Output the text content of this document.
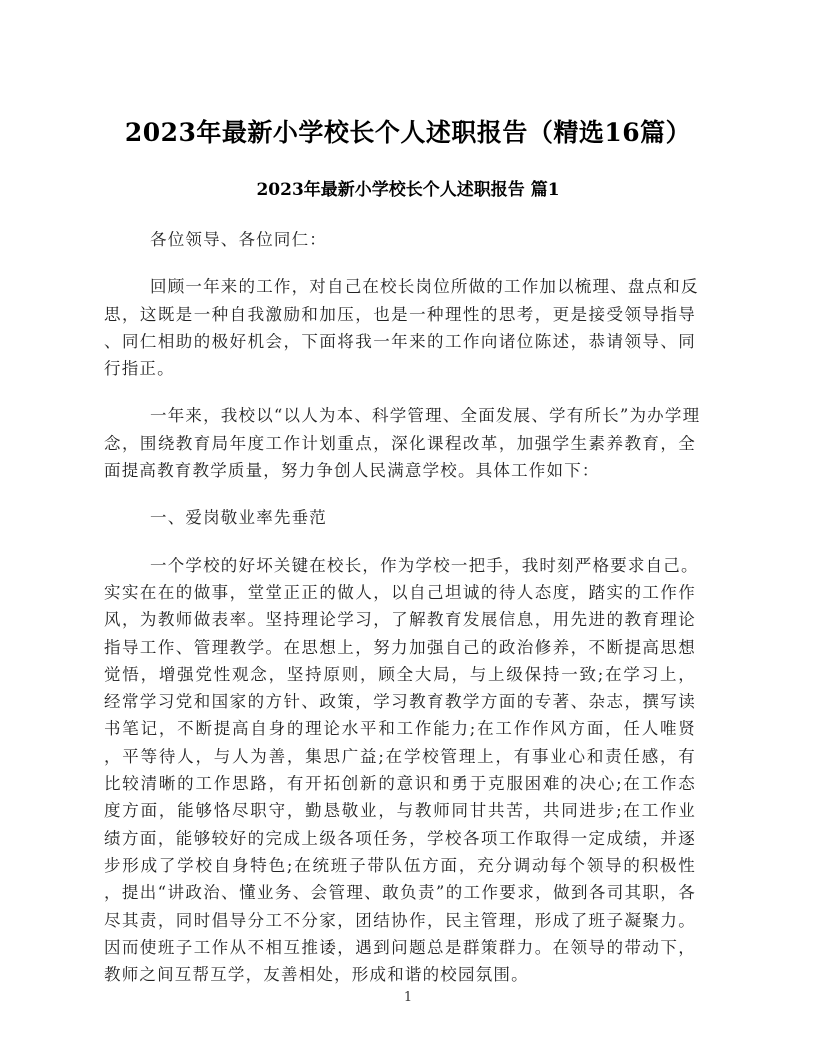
2023年最新小学校长个人述职报告（精选16篇）
2023年最新小学校长个人述职报告 篇1
各位领导、各位同仁：
回顾一年来的工作，对自己在校长岗位所做的工作加以梳理、盘点和反
思，这既是一种自我激励和加压，也是一种理性的思考，更是接受领导指导
、同仁相助的极好机会，下面将我一年来的工作向诸位陈述，恭请领导、同
行指正。
一年来，我校以“以人为本、科学管理、全面发展、学有所长”为办学理
念，围绕教育局年度工作计划重点，深化课程改革，加强学生素养教育，全
面提高教育教学质量，努力争创人民满意学校。具体工作如下：
一、爱岗敬业率先垂范
一个学校的好坏关键在校长，作为学校一把手，我时刻严格要求自己。
实实在在的做事，堂堂正正的做人，以自己坦诚的待人态度，踏实的工作作
风，为教师做表率。坚持理论学习，了解教育发展信息，用先进的教育理论
指导工作、管理教学。在思想上，努力加强自己的政治修养，不断提高思想
觉悟，增强党性观念，坚持原则，顾全大局，与上级保持一致;在学习上，
经常学习党和国家的方针、政策，学习教育教学方面的专著、杂志，撰写读
书笔记，不断提高自身的理论水平和工作能力;在工作作风方面，任人唯贤
，平等待人，与人为善，集思广益;在学校管理上，有事业心和责任感，有
比较清晰的工作思路，有开拓创新的意识和勇于克服困难的决心;在工作态
度方面，能够恪尽职守，勤恳敬业，与教师同甘共苦，共同进步;在工作业
绩方面，能够较好的完成上级各项任务，学校各项工作取得一定成绩，并逐
步形成了学校自身特色;在统班子带队伍方面，充分调动每个领导的积极性
，提出“讲政治、懂业务、会管理、敢负责”的工作要求，做到各司其职，各
尽其责，同时倡导分工不分家，团结协作，民主管理，形成了班子凝聚力。
因而使班子工作从不相互推诿，遇到问题总是群策群力。在领导的带动下，
教师之间互帮互学，友善相处，形成和谐的校园氛围。
1
